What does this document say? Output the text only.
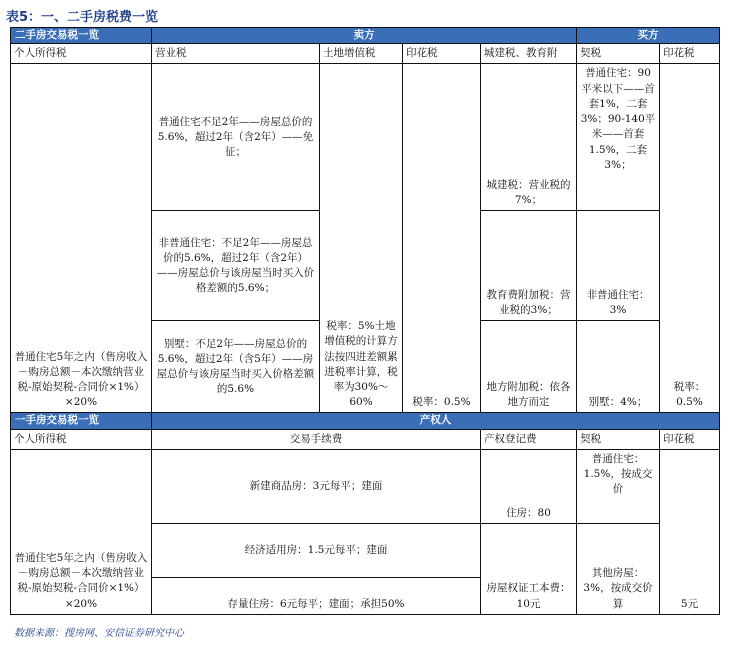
表5：一、二手房税费一览
二手房交易税一览	卖方				买方	
个人所得税	营业税	土地增值税	印花税	城建税、教育附	契税	印花税
普通住宅5年之内（售房收入－购房总额－本次缴纳营业税-原始契税-合同价×1%）×20%	普通住宅不足2年——房屋总价的5.6%，超过2年（含2年）——免征；	税率：5%土地增值税的计算方法按四进差额累进税率计算，税率为30%～60%	税率：0.5%	城建税：营业税的7%；	普通住宅：90平米以下——首套1%，二套3%；90-140平米——首套1.5%，二套3%；	税率：0.5%
	非普通住宅：不足2年——房屋总价的5.6%，超过2年（含2年）——房屋总价与该房屋当时买入价格差额的5.6%；			教育费附加税：营业税的3%；	非普通住宅：3%	
	别墅：不足2年——房屋总价的5.6%，超过2年（含5年）——房屋总价与该房屋当时买入价格差额的5.6%			地方附加税：依各地方而定	别墅：4%；	
一手房交易税一览	产权人					
个人所得税	交易手续费			产权登记费	契税	印花税
普通住宅5年之内（售房收入－购房总额－本次缴纳营业税-原始契税-合同价×1%）×20%	新建商品房：3元每平；建面			住房：80	普通住宅：1.5%，按成交价	5元
	经济适用房：1.5元每平；建面			房屋权证工本费：10元	其他房屋：3%，按成交价算	
	存量住房：6元每平；建面；承担50%					
数据来源：搜房网、安信证券研究中心
